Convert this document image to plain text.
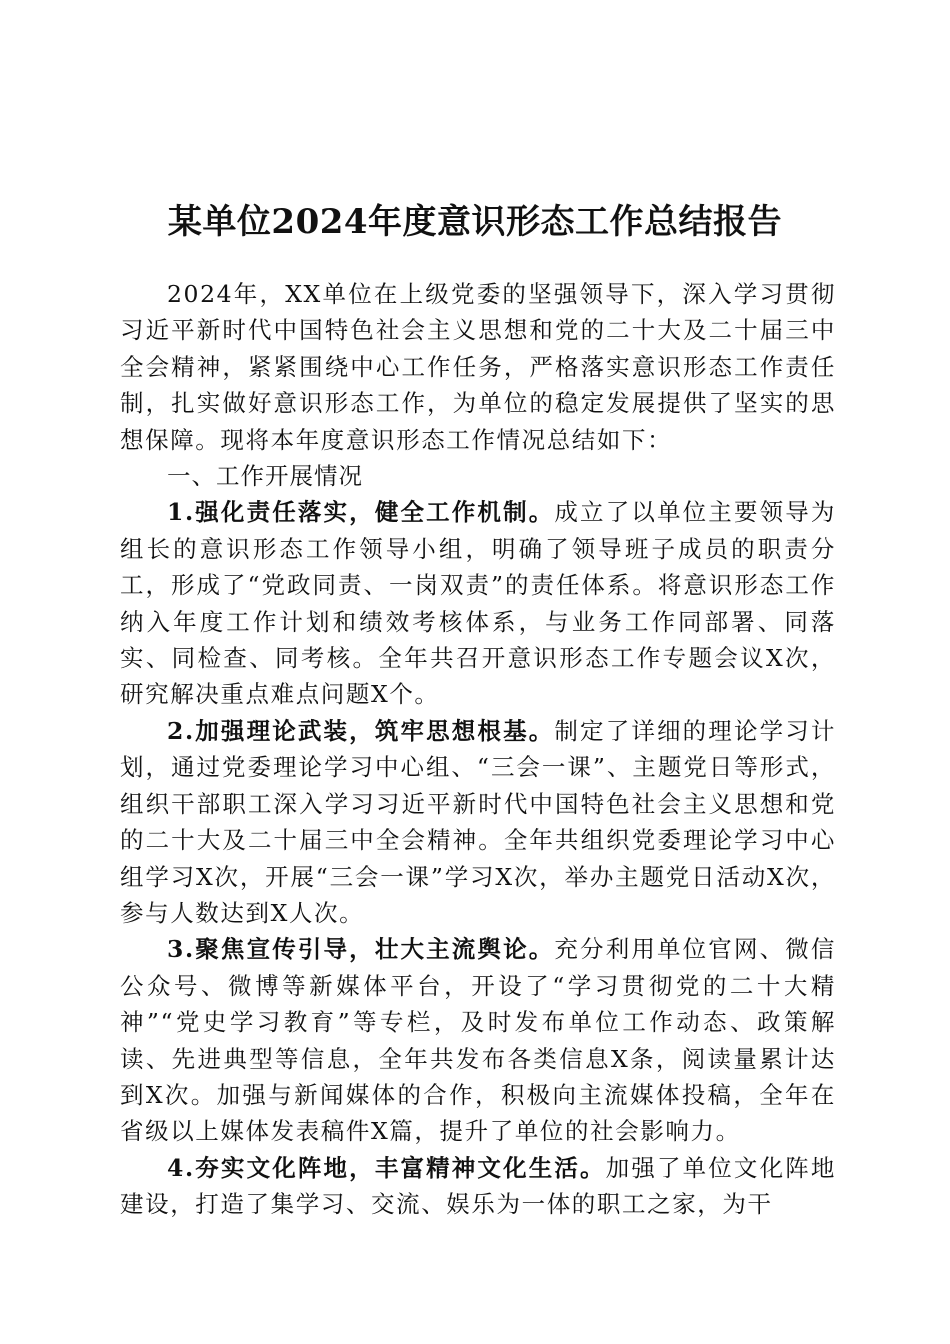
某单位2024年度意识形态工作总结报告

2024年，XX单位在上级党委的坚强领导下，深入学习贯彻习近平新时代中国特色社会主义思想和党的二十大及二十届三中全会精神，紧紧围绕中心工作任务，严格落实意识形态工作责任制，扎实做好意识形态工作，为单位的稳定发展提供了坚实的思想保障。现将本年度意识形态工作情况总结如下：

一、工作开展情况

1.强化责任落实，健全工作机制。成立了以单位主要领导为组长的意识形态工作领导小组，明确了领导班子成员的职责分工，形成了“党政同责、一岗双责”的责任体系。将意识形态工作纳入年度工作计划和绩效考核体系，与业务工作同部署、同落实、同检查、同考核。全年共召开意识形态工作专题会议X次，研究解决重点难点问题X个。

2.加强理论武装，筑牢思想根基。制定了详细的理论学习计划，通过党委理论学习中心组、“三会一课”、主题党日等形式，组织干部职工深入学习习近平新时代中国特色社会主义思想和党的二十大及二十届三中全会精神。全年共组织党委理论学习中心组学习X次，开展“三会一课”学习X次，举办主题党日活动X次，参与人数达到X人次。

3.聚焦宣传引导，壮大主流舆论。充分利用单位官网、微信公众号、微博等新媒体平台，开设了“学习贯彻党的二十大精神”“党史学习教育”等专栏，及时发布单位工作动态、政策解读、先进典型等信息，全年共发布各类信息X条，阅读量累计达到X次。加强与新闻媒体的合作，积极向主流媒体投稿，全年在省级以上媒体发表稿件X篇，提升了单位的社会影响力。

4.夯实文化阵地，丰富精神文化生活。加强了单位文化阵地建设，打造了集学习、交流、娱乐为一体的职工之家，为干
